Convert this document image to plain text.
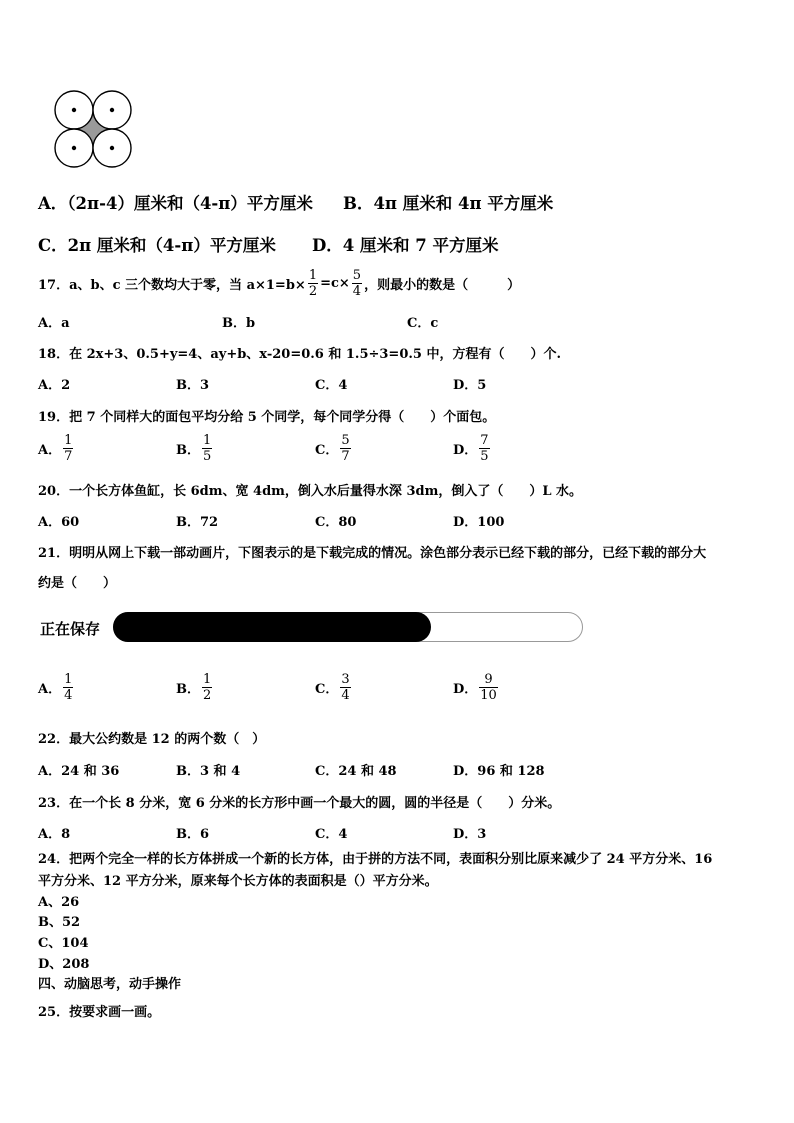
A．（2π-4）厘米和（4-π）平方厘米 B．4π 厘米和 4π 平方厘米
C．2π 厘米和（4-π）平方厘米 D．4 厘米和 7 平方厘米
17．a、b、c 三个数均大于零，当 $a\times 1=b\times \frac{1}{2} =c\times \frac{5}{4}$ ，则最小的数是（　　　）
A．a	B．b	C．c
18．在 2x+3、0.5+y=4、ay+b、x-20=0.6 和 1.5÷3=0.5 中，方程有（　　）个.
A．2	B．3	C．4	D．5
19．把 7 个同样大的面包平均分给 5 个同学，每个同学分得（　　）个面包。
A． $\frac{1}{7}$	B． $\frac{1}{5}$	C． $\frac{5}{7}$	D． $\frac{7}{5}$
20．一个长方体鱼缸，长 6dm、宽 4dm，倒入水后量得水深 3dm，倒入了（　　）L 水。
A．60	B．72	C．80	D．100
21．明明从网上下载一部动画片，下图表示的是下载完成的情况。涂色部分表示已经下载的部分，已经下载的部分大
约是（　　）
正在保存
A． $\frac{1}{4}$	B． $\frac{1}{2}$	C． $\frac{3}{4}$	D． $\frac{9}{10}$
22．最大公约数是 12 的两个数（　）
A．24 和 36	B．3 和 4	C．24 和 48	D．96 和 128
23．在一个长 8 分米，宽 6 分米的长方形中画一个最大的圆，圆的半径是（　　）分米。
A．8	B．6	C．4	D．3
24．把两个完全一样的长方体拼成一个新的长方体，由于拼的方法不同，表面积分别比原来减少了 24 平方分米、16
平方分米、12 平方分米，原来每个长方体的表面积是（）平方分米。
A、26
B、52
C、104
D、208
四、动脑思考，动手操作
25．按要求画一画。
